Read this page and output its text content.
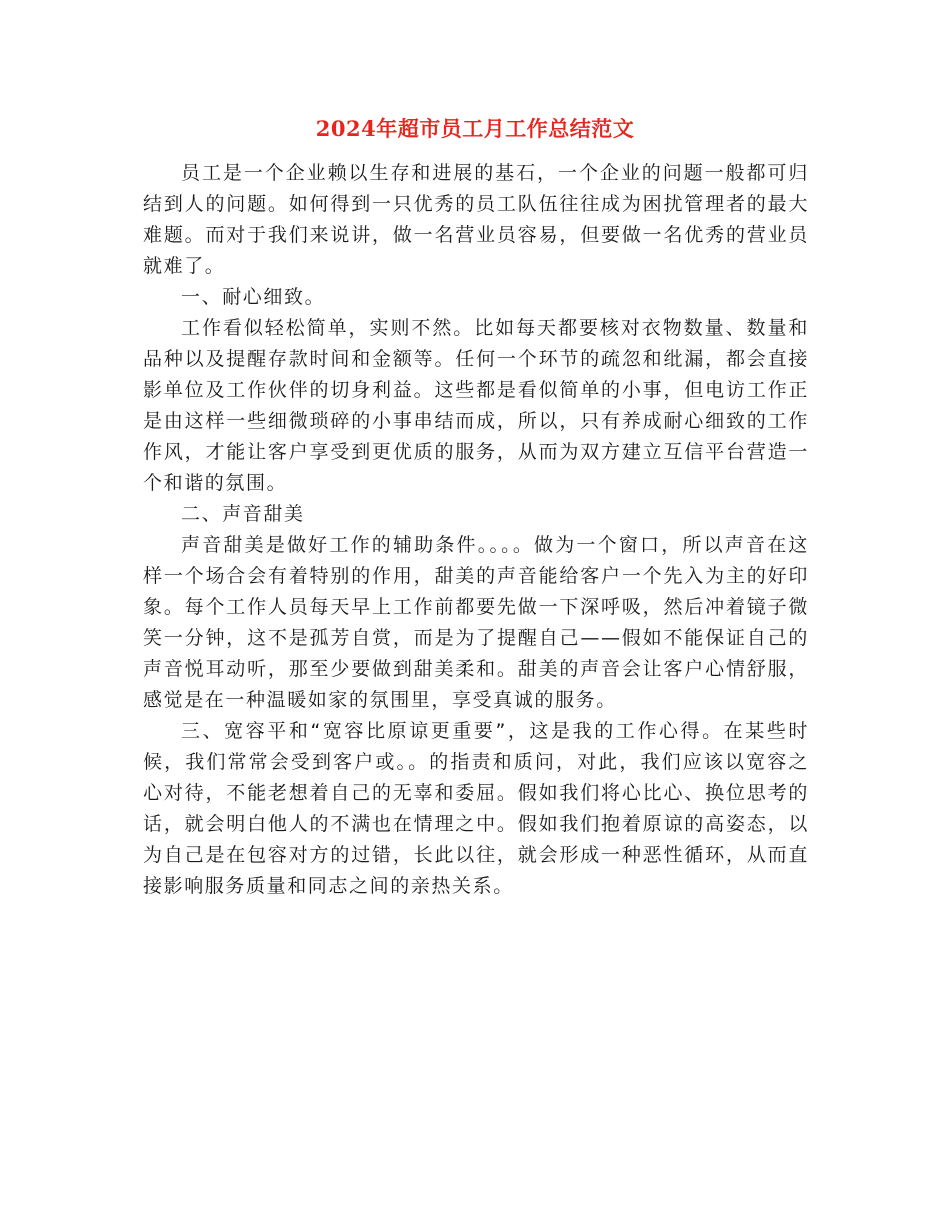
2024年超市员工月工作总结范文

员工是一个企业赖以生存和进展的基石，一个企业的问题一般都可归结到人的问题。如何得到一只优秀的员工队伍往往成为困扰管理者的最大难题。而对于我们来说讲，做一名营业员容易，但要做一名优秀的营业员就难了。

一、耐心细致。

工作看似轻松简单，实则不然。比如每天都要核对衣物数量、数量和品种以及提醒存款时间和金额等。任何一个环节的疏忽和纰漏，都会直接影单位及工作伙伴的切身利益。这些都是看似简单的小事，但电访工作正是由这样一些细微琐碎的小事串结而成，所以，只有养成耐心细致的工作作风，才能让客户享受到更优质的服务，从而为双方建立互信平台营造一个和谐的氛围。

二、声音甜美

声音甜美是做好工作的辅助条件。。。。做为一个窗口，所以声音在这样一个场合会有着特别的作用，甜美的声音能给客户一个先入为主的好印象。每个工作人员每天早上工作前都要先做一下深呼吸，然后冲着镜子微笑一分钟，这不是孤芳自赏，而是为了提醒自己——假如不能保证自己的声音悦耳动听，那至少要做到甜美柔和。甜美的声音会让客户心情舒服，感觉是在一种温暖如家的氛围里，享受真诚的服务。

三、宽容平和“宽容比原谅更重要”，这是我的工作心得。在某些时候，我们常常会受到客户或。。的指责和质问，对此，我们应该以宽容之心对待，不能老想着自己的无辜和委屈。假如我们将心比心、换位思考的话，就会明白他人的不满也在情理之中。假如我们抱着原谅的高姿态，以为自己是在包容对方的过错，长此以往，就会形成一种恶性循环，从而直接影响服务质量和同志之间的亲热关系。
